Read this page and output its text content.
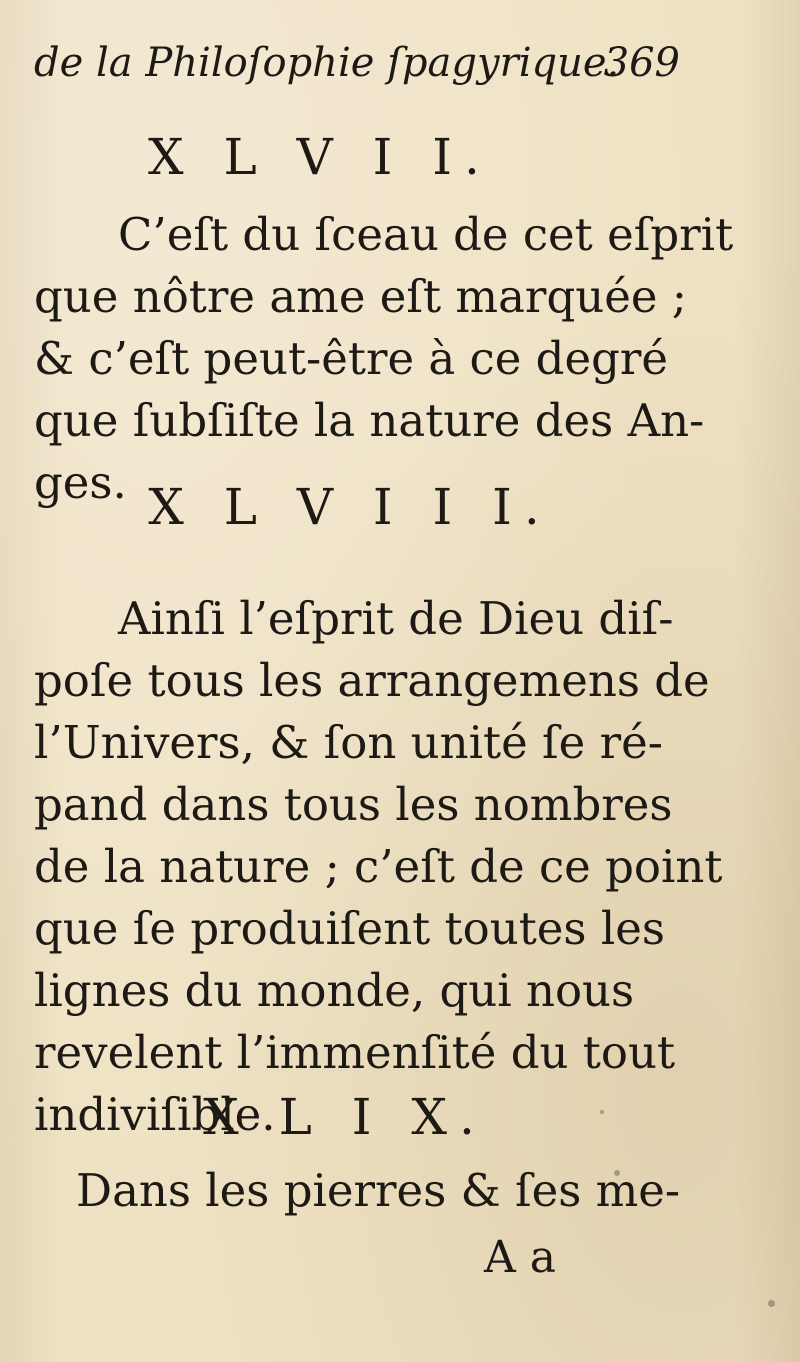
de la Philoſophie ſpagyrique.
369
X L V I I.
C’eſt du ſceau de cet eſprit
que nôtre ame eſt marquée ;
& c’eſt peut-être à ce degré
que ſubſiſte la nature des An-
ges. X L V I I I.
Ainſi l’eſprit de Dieu diſ-
poſe tous les arrangemens de
l’Univers, & ſon unité ſe ré-
pand dans tous les nombres
de la nature ; c’eſt de ce point
que ſe produiſent toutes les
lignes du monde, qui nous
revelent l’immenſité du tout
X L I X.
Dans les pierres & ſes me-
A a
indiviſible.
